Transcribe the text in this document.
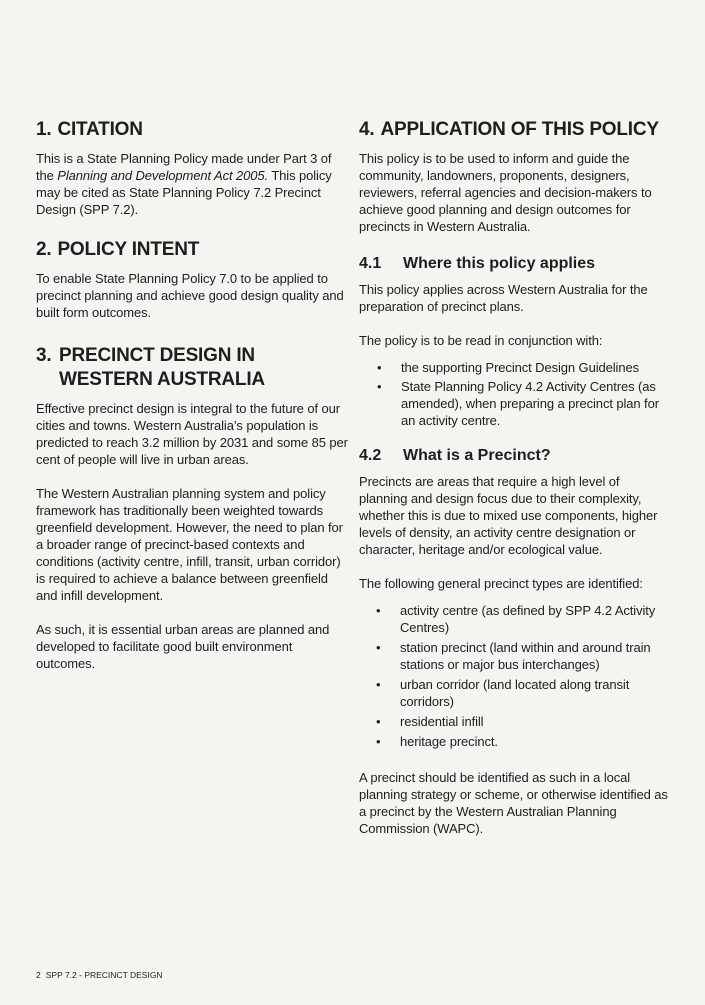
1. CITATION

This is a State Planning Policy made under Part 3 of the Planning and Development Act 2005. This policy may be cited as State Planning Policy 7.2 Precinct Design (SPP 7.2).

2. POLICY INTENT

To enable State Planning Policy 7.0 to be applied to precinct planning and achieve good design quality and built form outcomes.

3. PRECINCT DESIGN IN
WESTERN AUSTRALIA

Effective precinct design is integral to the future of our cities and towns. Western Australia’s population is predicted to reach 3.2 million by 2031 and some 85 per cent of people will live in urban areas.

The Western Australian planning system and policy framework has traditionally been weighted towards greenfield development. However, the need to plan for a broader range of precinct-based contexts and conditions (activity centre, infill, transit, urban corridor) is required to achieve a balance between greenfield and infill development.

As such, it is essential urban areas are planned and developed to facilitate good built environment outcomes.

4. APPLICATION OF THIS POLICY

This policy is to be used to inform and guide the community, landowners, proponents, designers, reviewers, referral agencies and decision-makers to achieve good planning and design outcomes for precincts in Western Australia.

4.1	Where this policy applies

This policy applies across Western Australia for the preparation of precinct plans.

The policy is to be read in conjunction with:

• the supporting Precinct Design Guidelines
• State Planning Policy 4.2 Activity Centres (as amended), when preparing a precinct plan for an activity centre.
4.2	What is a Precinct?

Precincts are areas that require a high level of planning and design focus due to their complexity, whether this is due to mixed use components, higher levels of density, an activity centre designation or character, heritage and/or ecological value.

The following general precinct types are identified:

• activity centre (as defined by SPP 4.2 Activity Centres)
• station precinct (land within and around train stations or major bus interchanges)
• urban corridor (land located along transit corridors)
• residential infill
• heritage precinct.

A precinct should be identified as such in a local planning strategy or scheme, or otherwise identified as a precinct by the Western Australian Planning Commission (WAPC).

2 SPP 7.2 - PRECINCT DESIGN
